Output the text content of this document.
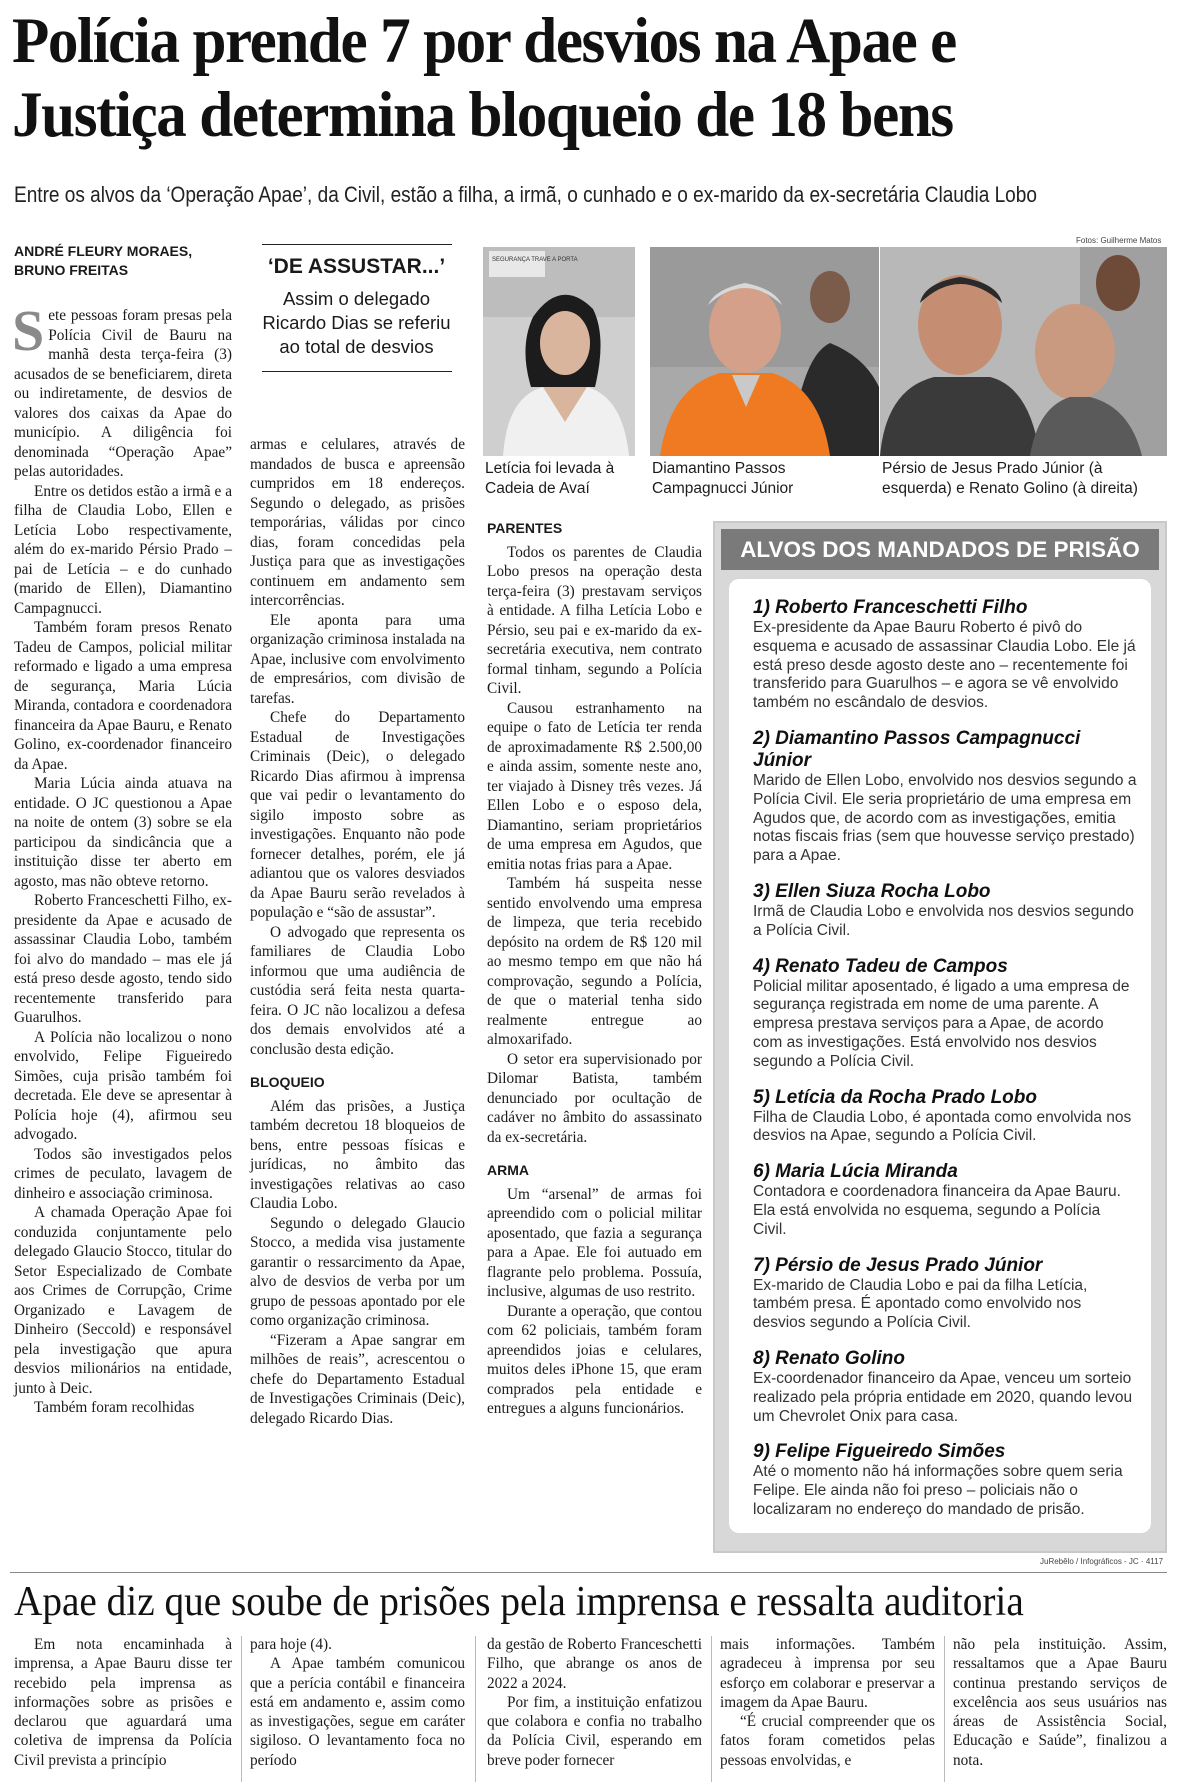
Polícia prende 7 por desvios na Apae e
Justiça determina bloqueio de 18 bens
Entre os alvos da ‘Operação Apae’, da Civil, estão a filha, a irmã, o cunhado e o ex-marido da ex-secretária Claudia Lobo
ANDRÉ FLEURY MORAES,
BRUNO FREITAS

Sete pessoas foram presas pela Polícia Civil de Bauru na manhã desta terça-feira (3) acusados de se beneficiarem, direta ou indiretamente, de desvios de valores dos caixas da Apae do município. A diligência foi denominada “Operação Apae” pelas autoridades.

Entre os detidos estão a irmã e a filha de Claudia Lobo, Ellen e Letícia Lobo respectivamente, além do ex-marido Pérsio Prado – pai de Letícia – e do cunhado (marido de Ellen), Diamantino Campagnucci.

Também foram presos Renato Tadeu de Campos, policial militar reformado e ligado a uma empresa de segurança, Maria Lúcia Miranda, contadora e coordenadora financeira da Apae Bauru, e Renato Golino, ex-coordenador financeiro da Apae.

Maria Lúcia ainda atuava na entidade. O JC questionou a Apae na noite de ontem (3) sobre se ela participou da sindicância que a instituição disse ter aberto em agosto, mas não obteve retorno.

Roberto Franceschetti Filho, ex-presidente da Apae e acusado de assassinar Claudia Lobo, também foi alvo do mandado – mas ele já está preso desde agosto, tendo sido recentemente transferido para Guarulhos.

A Polícia não localizou o nono envolvido, Felipe Figueiredo Simões, cuja prisão também foi decretada. Ele deve se apresentar à Polícia hoje (4), afirmou seu advogado.

Todos são investigados pelos crimes de peculato, lavagem de dinheiro e associação criminosa.

A chamada Operação Apae foi conduzida conjuntamente pelo delegado Glaucio Stocco, titular do Setor Especializado de Combate aos Crimes de Corrupção, Crime Organizado e Lavagem de Dinheiro (Seccold) e responsável pela investigação que apura desvios milionários na entidade, junto à Deic.

Também foram recolhidas

‘DE ASSUSTAR...’
Assim o delegado Ricardo Dias se referiu ao total de desvios

armas e celulares, através de mandados de busca e apreensão cumpridos em 18 endereços. Segundo o delegado, as prisões temporárias, válidas por cinco dias, foram concedidas pela Justiça para que as investigações continuem em andamento sem intercorrências.

Ele aponta para uma organização criminosa instalada na Apae, inclusive com envolvimento de empresários, com divisão de tarefas.

Chefe do Departamento Estadual de Investigações Criminais (Deic), o delegado Ricardo Dias afirmou à imprensa que vai pedir o levantamento do sigilo imposto sobre as investigações. Enquanto não pode fornecer detalhes, porém, ele já adiantou que os valores desviados da Apae Bauru serão revelados à população e “são de assustar”.

O advogado que representa os familiares de Claudia Lobo informou que uma audiência de custódia será feita nesta quarta-feira. O JC não localizou a defesa dos demais envolvidos até a conclusão desta edição.

BLOQUEIO

Além das prisões, a Justiça também decretou 18 bloqueios de bens, entre pessoas físicas e jurídicas, no âmbito das investigações relativas ao caso Claudia Lobo.

Segundo o delegado Glaucio Stocco, a medida visa justamente garantir o ressarcimento da Apae, alvo de desvios de verba por um grupo de pessoas apontado por ele como organização criminosa.

“Fizeram a Apae sangrar em milhões de reais”, acrescentou o chefe do Departamento Estadual de Investigações Criminais (Deic), delegado Ricardo Dias.

Fotos: Guilherme Matos
SEGURANÇA TRAVE A PORTA
Letícia foi levada à Cadeia de Avaí
Diamantino Passos Campagnucci Júnior
Pérsio de Jesus Prado Júnior (à esquerda) e Renato Golino (à direita)
PARENTES

Todos os parentes de Claudia Lobo presos na operação desta terça-feira (3) prestavam serviços à entidade. A filha Letícia Lobo e Pérsio, seu pai e ex-marido da ex-secretária executiva, nem contrato formal tinham, segundo a Polícia Civil.

Causou estranhamento na equipe o fato de Letícia ter renda de aproximadamente R$ 2.500,00 e ainda assim, somente neste ano, ter viajado à Disney três vezes. Já Ellen Lobo e o esposo dela, Diamantino, seriam proprietários de uma empresa em Agudos, que emitia notas frias para a Apae.

Também há suspeita nesse sentido envolvendo uma empresa de limpeza, que teria recebido depósito na ordem de R$ 120 mil ao mesmo tempo em que não há comprovação, segundo a Polícia, de que o material tenha sido realmente entregue ao almoxarifado.

O setor era supervisionado por Dilomar Batista, também denunciado por ocultação de cadáver no âmbito do assassinato da ex-secretária.

ARMA

Um “arsenal” de armas foi apreendido com o policial militar aposentado, que fazia a segurança para a Apae. Ele foi autuado em flagrante pelo problema. Possuía, inclusive, algumas de uso restrito.

Durante a operação, que contou com 62 policiais, também foram apreendidos joias e celulares, muitos deles iPhone 15, que eram comprados pela entidade e entregues a alguns funcionários.

ALVOS DOS MANDADOS DE PRISÃO
1) Roberto Franceschetti Filho
Ex-presidente da Apae Bauru Roberto é pivô do esquema e acusado de assassinar Claudia Lobo. Ele já está preso desde agosto deste ano – recentemente foi transferido para Guarulhos – e agora se vê envolvido também no escândalo de desvios.
2) Diamantino Passos Campagnucci Júnior
Marido de Ellen Lobo, envolvido nos desvios segundo a Polícia Civil. Ele seria proprietário de uma empresa em Agudos que, de acordo com as investigações, emitia notas fiscais frias (sem que houvesse serviço prestado) para a Apae.
3) Ellen Siuza Rocha Lobo
Irmã de Claudia Lobo e envolvida nos desvios segundo a Polícia Civil.
4) Renato Tadeu de Campos
Policial militar aposentado, é ligado a uma empresa de segurança registrada em nome de uma parente. A empresa prestava serviços para a Apae, de acordo com as investigações. Está envolvido nos desvios segundo a Polícia Civil.
5) Letícia da Rocha Prado Lobo
Filha de Claudia Lobo, é apontada como envolvida nos desvios na Apae, segundo a Polícia Civil.
6) Maria Lúcia Miranda
Contadora e coordenadora financeira da Apae Bauru. Ela está envolvida no esquema, segundo a Polícia Civil.
7) Pérsio de Jesus Prado Júnior
Ex-marido de Claudia Lobo e pai da filha Letícia, também presa. É apontado como envolvido nos desvios segundo a Polícia Civil.
8) Renato Golino
Ex-coordenador financeiro da Apae, venceu um sorteio realizado pela própria entidade em 2020, quando levou um Chevrolet Onix para casa.
9) Felipe Figueiredo Simões
Até o momento não há informações sobre quem seria Felipe. Ele ainda não foi preso – policiais não o localizaram no endereço do mandado de prisão.
JuRebêlo / Infográficos - JC · 4117
Apae diz que soube de prisões pela imprensa e ressalta auditoria

Em nota encaminhada à imprensa, a Apae Bauru disse ter recebido pela imprensa as informações sobre as prisões e declarou que aguardará uma coletiva de imprensa da Polícia Civil prevista a princípio

para hoje (4).

A Apae também comunicou que a perícia contábil e financeira está em andamento e, assim como as investigações, segue em caráter sigiloso. O levantamento foca no período

da gestão de Roberto Franceschetti Filho, que abrange os anos de 2022 a 2024.

Por fim, a instituição enfatizou que colabora e confia no trabalho da Polícia Civil, esperando em breve poder fornecer

mais informações. Também agradeceu à imprensa por seu esforço em colaborar e preservar a imagem da Apae Bauru.

“É crucial compreender que os fatos foram cometidos pelas pessoas envolvidas, e

não pela instituição. Assim, ressaltamos que a Apae Bauru continua prestando serviços de excelência aos seus usuários nas áreas de Assistência Social, Educação e Saúde”, finalizou a nota.
